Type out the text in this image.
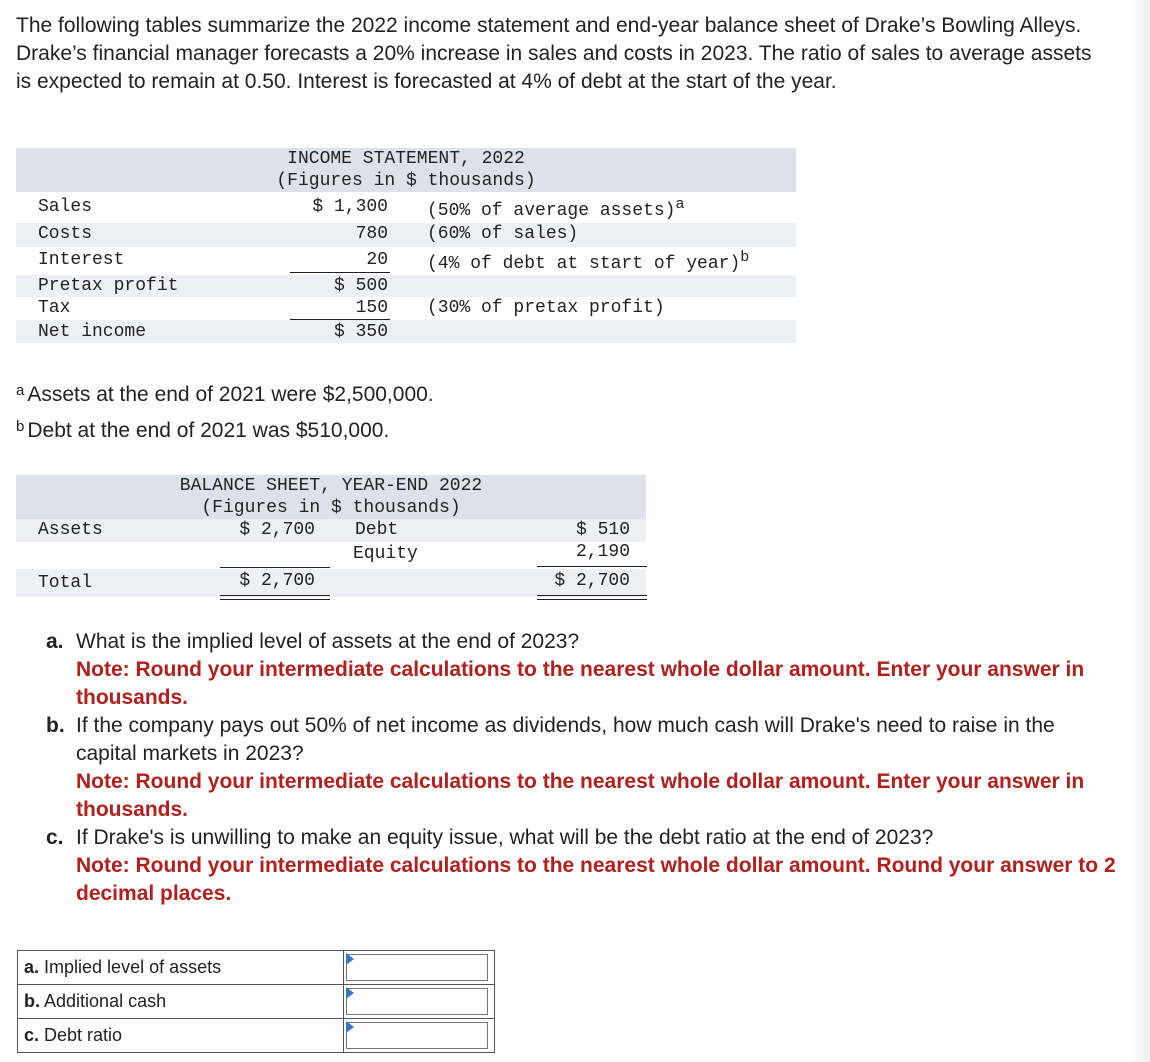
The following tables summarize the 2022 income statement and end-year balance sheet of Drake’s Bowling Alleys. Drake’s financial manager forecasts a 20% increase in sales and costs in 2023. The ratio of sales to average assets is expected to remain at 0.50. Interest is forecasted at 4% of debt at the start of the year.

INCOME STATEMENT, 2022
(Figures in $ thousands)
Sales	$ 1,300 (50% of average assets)$^a$
Costs	780 (60% of sales)
Interest	20 (4% of debt at start of year)$^b$
Pretax profit	$ 500
Tax	150 (30% of pretax profit)
Net income	$ 350
$^a$ Assets at the end of 2021 were $2,500,000.
$^b$ Debt at the end of 2021 was $510,000.
BALANCE SHEET, YEAR-END 2022
(Figures in $ thousands)
Assets	$ 2,700 Debt	$ 510
Equity	2,190
Total	$ 2,700	$ 2,700
a. What is the implied level of assets at the end of 2023?
Note: Round your intermediate calculations to the nearest whole dollar amount. Enter your answer in thousands.
b. If the company pays out 50% of net income as dividends, how much cash will Drake's need to raise in the capital markets in 2023?
Note: Round your intermediate calculations to the nearest whole dollar amount. Enter your answer in thousands.
c. If Drake's is unwilling to make an equity issue, what will be the debt ratio at the end of 2023?
Note: Round your intermediate calculations to the nearest whole dollar amount. Round your answer to 2 decimal places.
a. Implied level of assets	

b. Additional cash	

c. Debt ratio	
